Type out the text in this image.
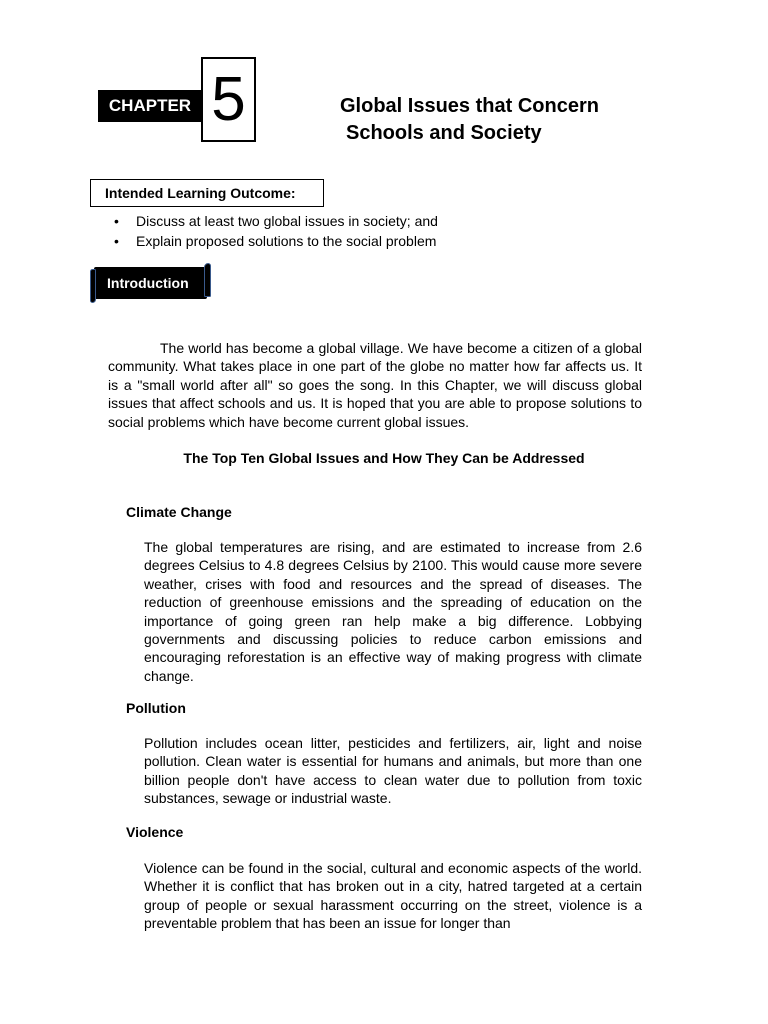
CHAPTER 5	Global Issues that Concern
Schools and Society
Intended Learning Outcome:
• Discuss at least two global issues in society; and
• Explain proposed solutions to the social problem
Introduction

The world has become a global village. We have become a citizen of a global community. What takes place in one part of the globe no matter how far affects us. It is a "small world after all" so goes the song. In this Chapter, we will discuss global issues that affect schools and us. It is hoped that you are able to propose solutions to social problems which have become current global issues.

The Top Ten Global Issues and How They Can be Addressed
Climate Change

The global temperatures are rising, and are estimated to increase from 2.6 degrees Celsius to 4.8 degrees Celsius by 2100. This would cause more severe weather, crises with food and resources and the spread of diseases. The reduction of greenhouse emissions and the spreading of education on the importance of going green ran help make a big difference. Lobbying governments and discussing policies to reduce carbon emissions and encouraging reforestation is an effective way of making progress with climate change.

Pollution

Pollution includes ocean litter, pesticides and fertilizers, air, light and noise pollution. Clean water is essential for humans and animals, but more than one billion people don't have access to clean water due to pollution from toxic substances, sewage or industrial waste.

Violence

Violence can be found in the social, cultural and economic aspects of the world. Whether it is conflict that has broken out in a city, hatred targeted at a certain group of people or sexual harassment occurring on the street, violence is a preventable problem that has been an issue for longer than
